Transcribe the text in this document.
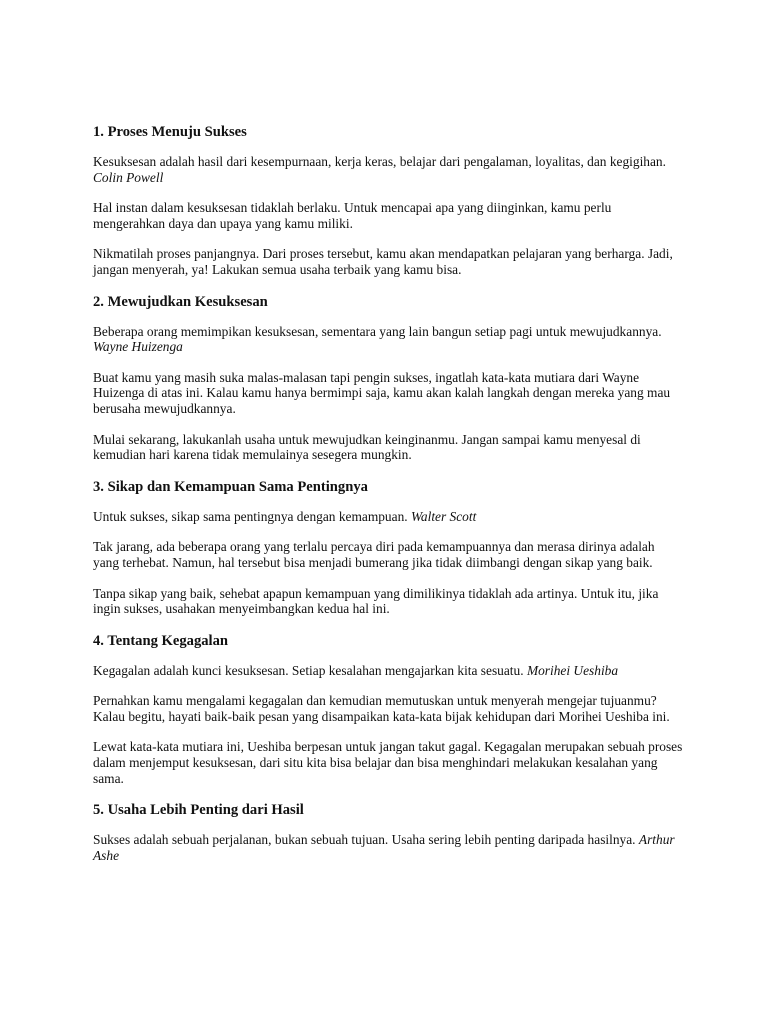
1. Proses Menuju Sukses

Kesuksesan adalah hasil dari kesempurnaan, kerja keras, belajar dari pengalaman, loyalitas, dan kegigihan. Colin Powell

Hal instan dalam kesuksesan tidaklah berlaku. Untuk mencapai apa yang diinginkan, kamu perlu mengerahkan daya dan upaya yang kamu miliki.

Nikmatilah proses panjangnya. Dari proses tersebut, kamu akan mendapatkan pelajaran yang berharga. Jadi, jangan menyerah, ya! Lakukan semua usaha terbaik yang kamu bisa.

2. Mewujudkan Kesuksesan

Beberapa orang memimpikan kesuksesan, sementara yang lain bangun setiap pagi untuk mewujudkannya. Wayne Huizenga

Buat kamu yang masih suka malas-malasan tapi pengin sukses, ingatlah kata-kata mutiara dari Wayne Huizenga di atas ini. Kalau kamu hanya bermimpi saja, kamu akan kalah langkah dengan mereka yang mau berusaha mewujudkannya.

Mulai sekarang, lakukanlah usaha untuk mewujudkan keinginanmu. Jangan sampai kamu menyesal di kemudian hari karena tidak memulainya sesegera mungkin.

3. Sikap dan Kemampuan Sama Pentingnya

Untuk sukses, sikap sama pentingnya dengan kemampuan. Walter Scott

Tak jarang, ada beberapa orang yang terlalu percaya diri pada kemampuannya dan merasa dirinya adalah yang terhebat. Namun, hal tersebut bisa menjadi bumerang jika tidak diimbangi dengan sikap yang baik.

Tanpa sikap yang baik, sehebat apapun kemampuan yang dimilikinya tidaklah ada artinya. Untuk itu, jika ingin sukses, usahakan menyeimbangkan kedua hal ini.

4. Tentang Kegagalan

Kegagalan adalah kunci kesuksesan. Setiap kesalahan mengajarkan kita sesuatu. Morihei Ueshiba

Pernahkan kamu mengalami kegagalan dan kemudian memutuskan untuk menyerah mengejar tujuanmu? Kalau begitu, hayati baik-baik pesan yang disampaikan kata-kata bijak kehidupan dari Morihei Ueshiba ini.

Lewat kata-kata mutiara ini, Ueshiba berpesan untuk jangan takut gagal. Kegagalan merupakan sebuah proses dalam menjemput kesuksesan, dari situ kita bisa belajar dan bisa menghindari melakukan kesalahan yang sama.

5. Usaha Lebih Penting dari Hasil

Sukses adalah sebuah perjalanan, bukan sebuah tujuan. Usaha sering lebih penting daripada hasilnya. Arthur Ashe
